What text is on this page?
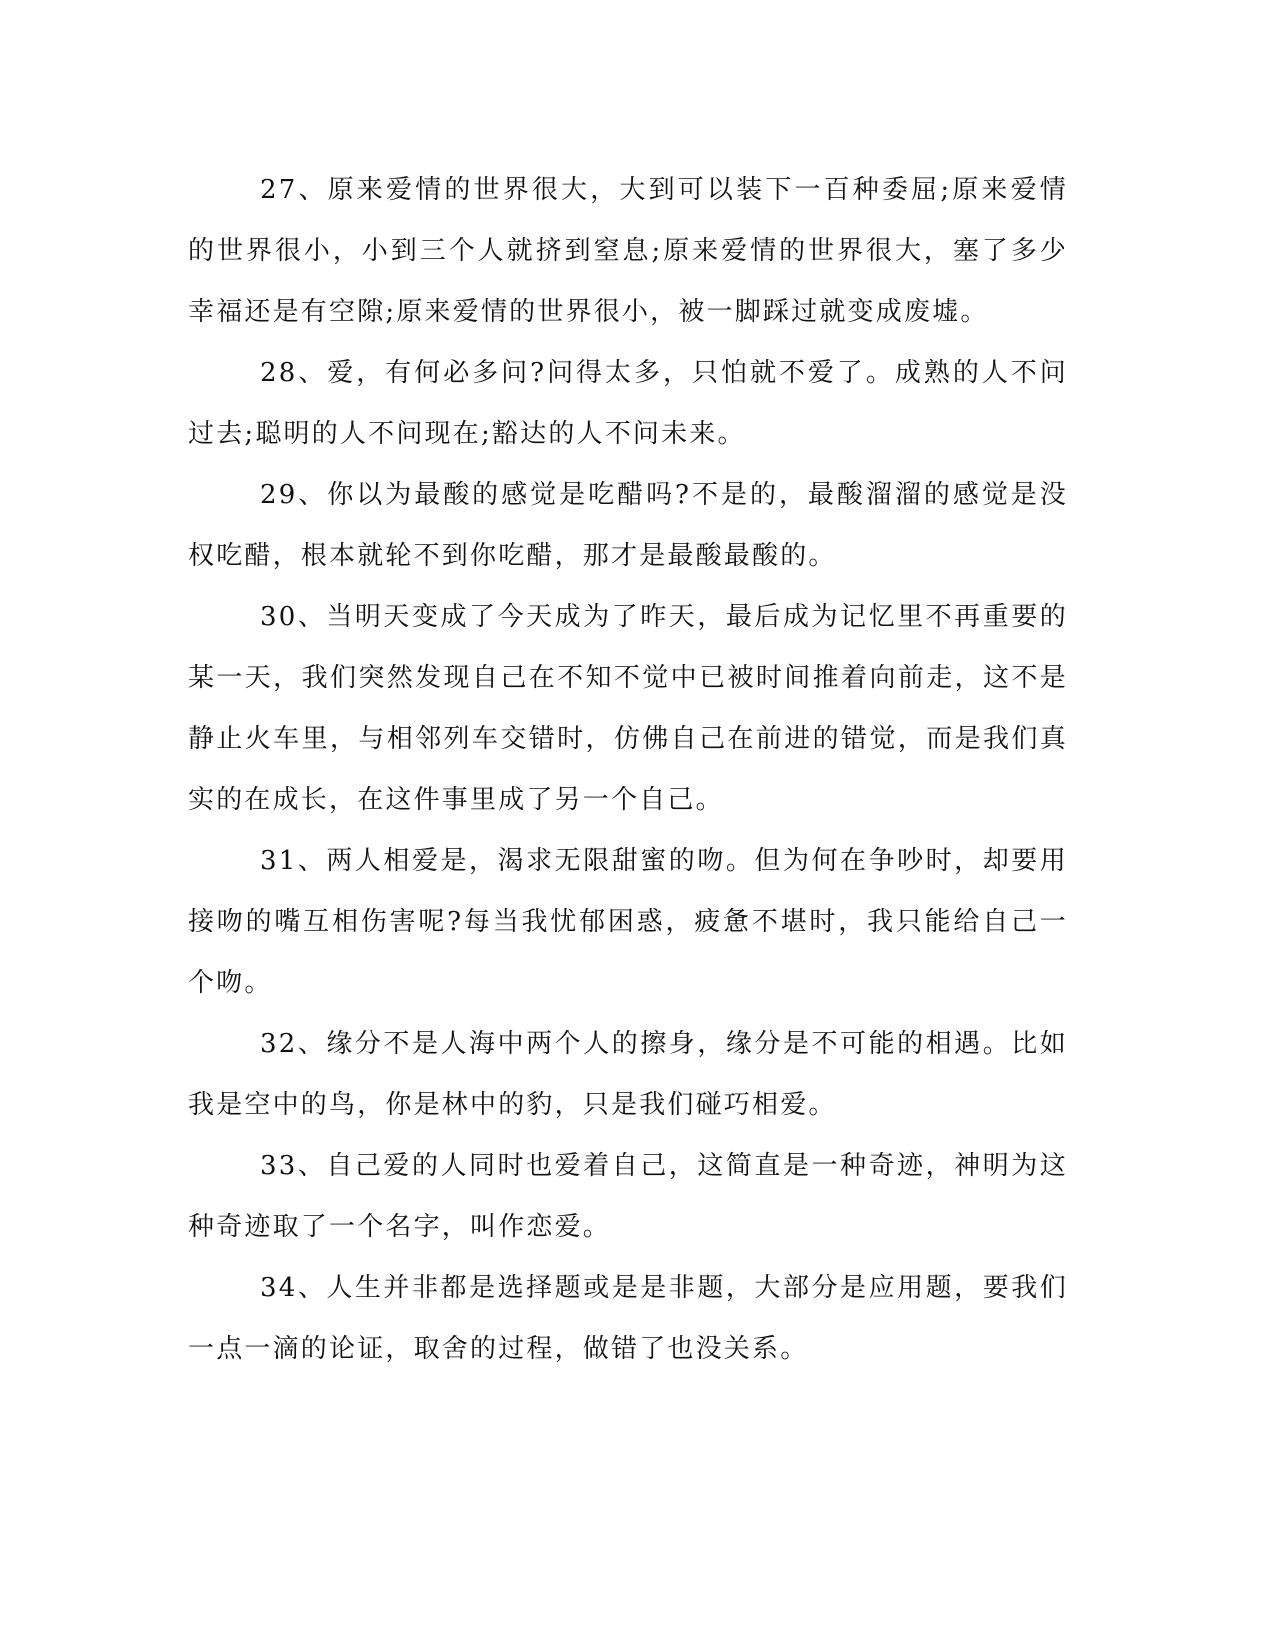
27、原来爱情的世界很大，大到可以装下一百种委屈;原来爱情的世界很小，小到三个人就挤到窒息;原来爱情的世界很大，塞了多少幸福还是有空隙;原来爱情的世界很小，被一脚踩过就变成废墟。

28、爱，有何必多问?问得太多，只怕就不爱了。成熟的人不问过去;聪明的人不问现在;豁达的人不问未来。

29、你以为最酸的感觉是吃醋吗?不是的，最酸溜溜的感觉是没权吃醋，根本就轮不到你吃醋，那才是最酸最酸的。

30、当明天变成了今天成为了昨天，最后成为记忆里不再重要的某一天，我们突然发现自己在不知不觉中已被时间推着向前走，这不是静止火车里，与相邻列车交错时，仿佛自己在前进的错觉，而是我们真实的在成长，在这件事里成了另一个自己。

31、两人相爱是，渴求无限甜蜜的吻。但为何在争吵时，却要用接吻的嘴互相伤害呢?每当我忧郁困惑，疲惫不堪时，我只能给自己一个吻。

32、缘分不是人海中两个人的擦身，缘分是不可能的相遇。比如我是空中的鸟，你是林中的豹，只是我们碰巧相爱。

33、自己爱的人同时也爱着自己，这简直是一种奇迹，神明为这种奇迹取了一个名字，叫作恋爱。

34、人生并非都是选择题或是是非题，大部分是应用题，要我们一点一滴的论证，取舍的过程，做错了也没关系。
